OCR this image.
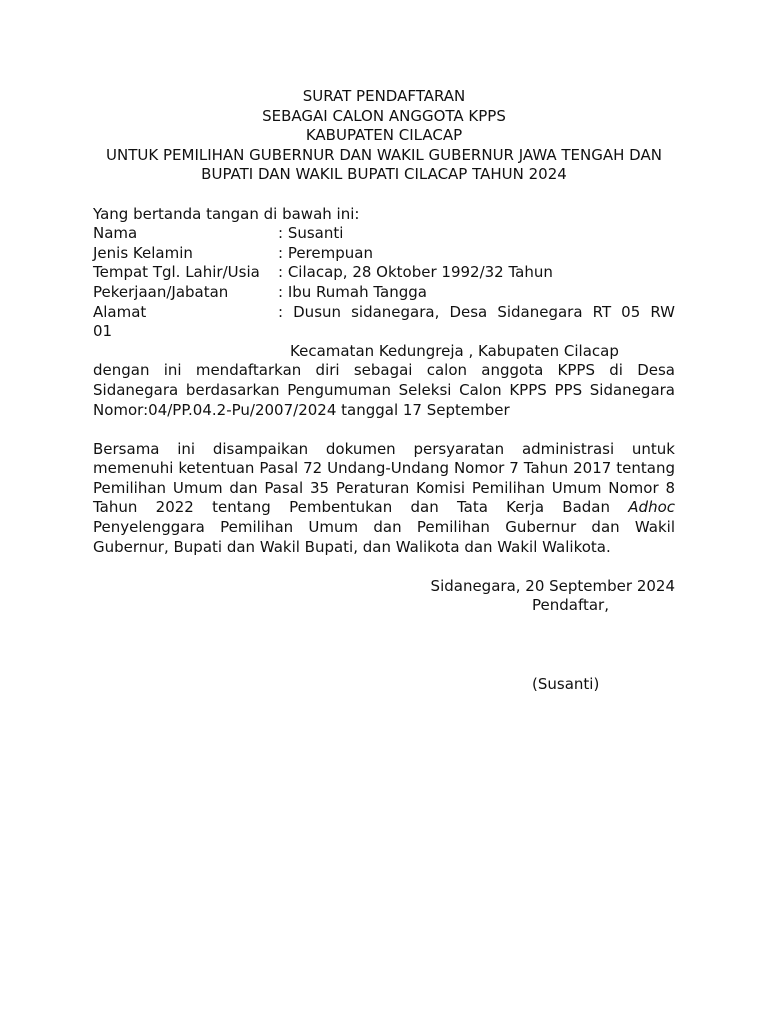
SURAT PENDAFTARAN
SEBAGAI CALON ANGGOTA KPPS
KABUPATEN CILACAP
UNTUK PEMILIHAN GUBERNUR DAN WAKIL GUBERNUR JAWA TENGAH DAN
BUPATI DAN WAKIL BUPATI CILACAP TAHUN 2024
Yang bertanda tangan di bawah ini:
Nama	: Susanti
Jenis Kelamin	: Perempuan
Tempat Tgl. Lahir/Usia	: Cilacap, 28 Oktober 1992/32 Tahun
Pekerjaan/Jabatan	: Ibu Rumah Tangga
Alamat	: Dusun sidanegara, Desa Sidanegara RT 05 RW
01
Kecamatan Kedungreja , Kabupaten Cilacap
dengan ini mendaftarkan diri sebagai calon anggota KPPS di Desa Sidanegara berdasarkan Pengumuman Seleksi Calon KPPS PPS Sidanegara Nomor:04/PP.04.2-Pu/2007/2024 tanggal 17 September
Bersama ini disampaikan dokumen persyaratan administrasi untuk memenuhi ketentuan Pasal 72 Undang-Undang Nomor 7 Tahun 2017 tentang Pemilihan Umum dan Pasal 35 Peraturan Komisi Pemilihan Umum Nomor 8 Tahun 2022 tentang Pembentukan dan Tata Kerja Badan Adhoc Penyelenggara Pemilihan Umum dan Pemilihan Gubernur dan Wakil Gubernur, Bupati dan Wakil Bupati, dan Walikota dan Wakil Walikota.
Sidanegara, 20 September 2024
Pendaftar,
(Susanti)
